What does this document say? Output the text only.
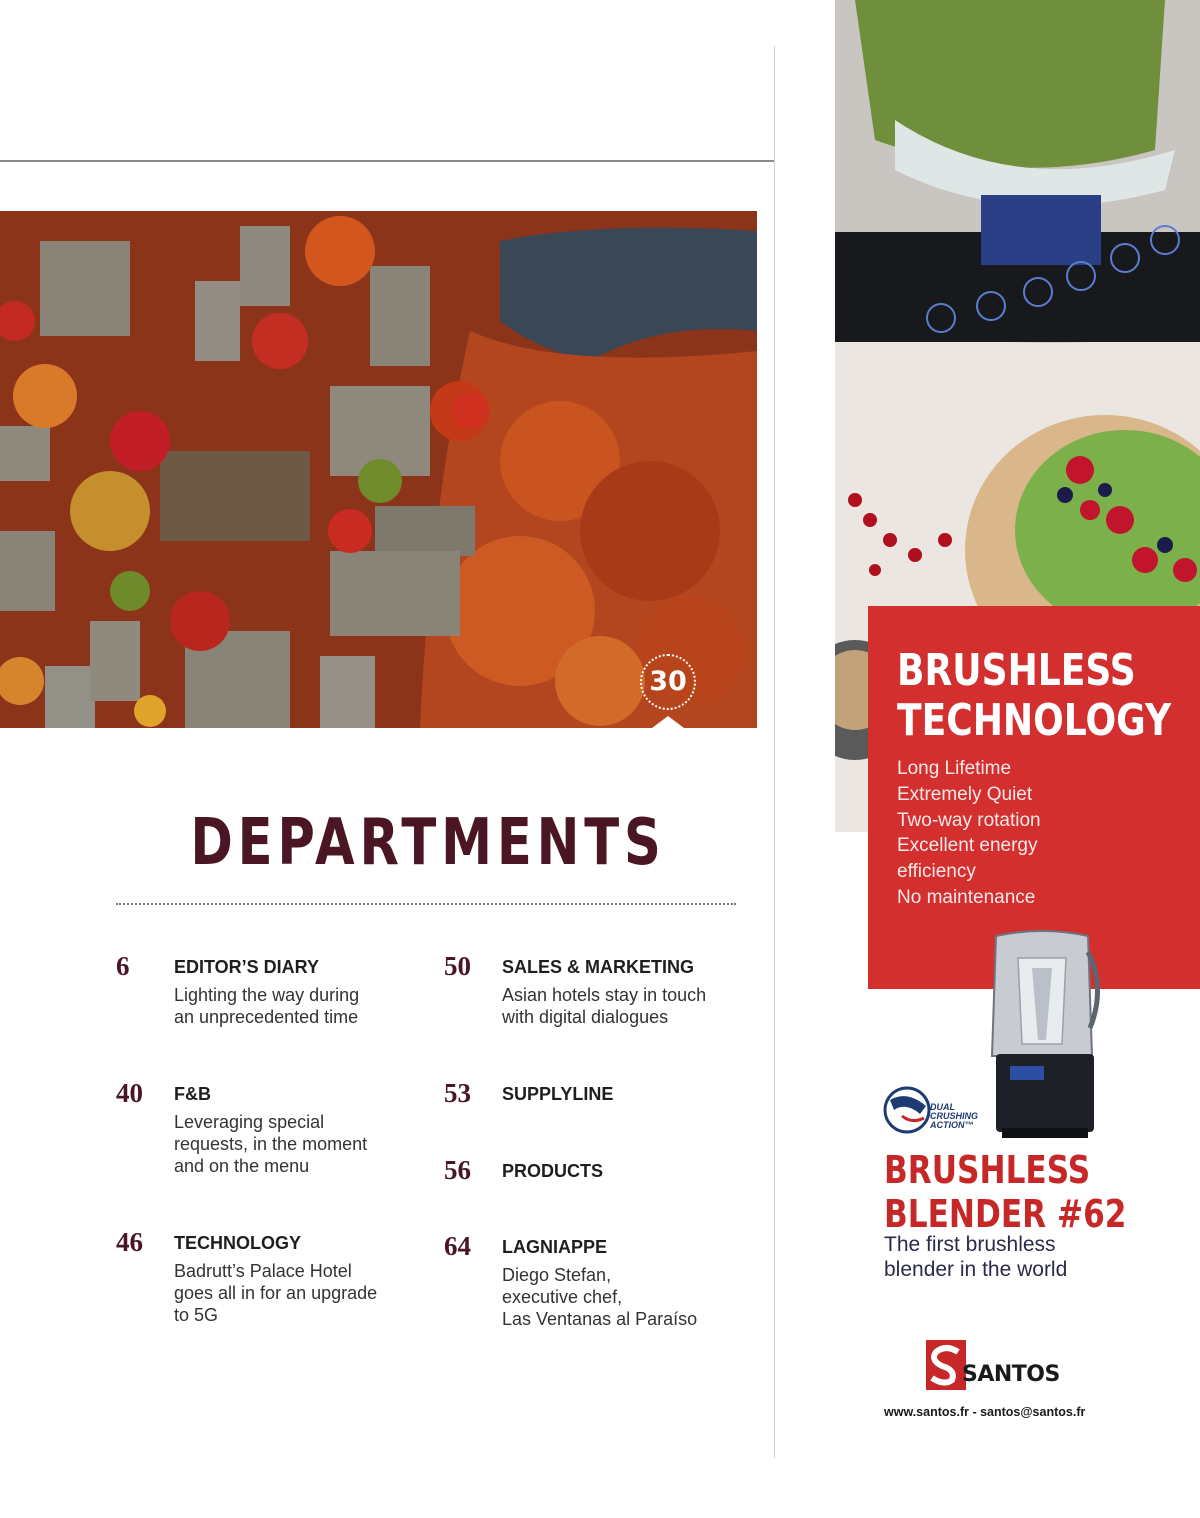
30
DEPARTMENTS
6 EDITOR’S DIARY
Lighting the way during
an unprecedented time
40 F&B
Leveraging special
requests, in the moment
and on the menu
46 TECHNOLOGY
Badrutt’s Palace Hotel
goes all in for an upgrade
to 5G
50 SALES & MARKETING
Asian hotels stay in touch
with digital dialogues
53 SUPPLYLINE
56 PRODUCTS
64 LAGNIAPPE
Diego Stefan,
executive chef,
Las Ventanas al Paraíso
BRUSHLESS
TECHNOLOGY
Long Lifetime
Extremely Quiet
Two-way rotation
Excellent energy
efficiency
No maintenance
DUAL
CRUSHING
ACTION™
BRUSHLESS
BLENDER #62
The first brushless
blender in the world
SANTOS
www.santos.fr - santos@santos.fr
